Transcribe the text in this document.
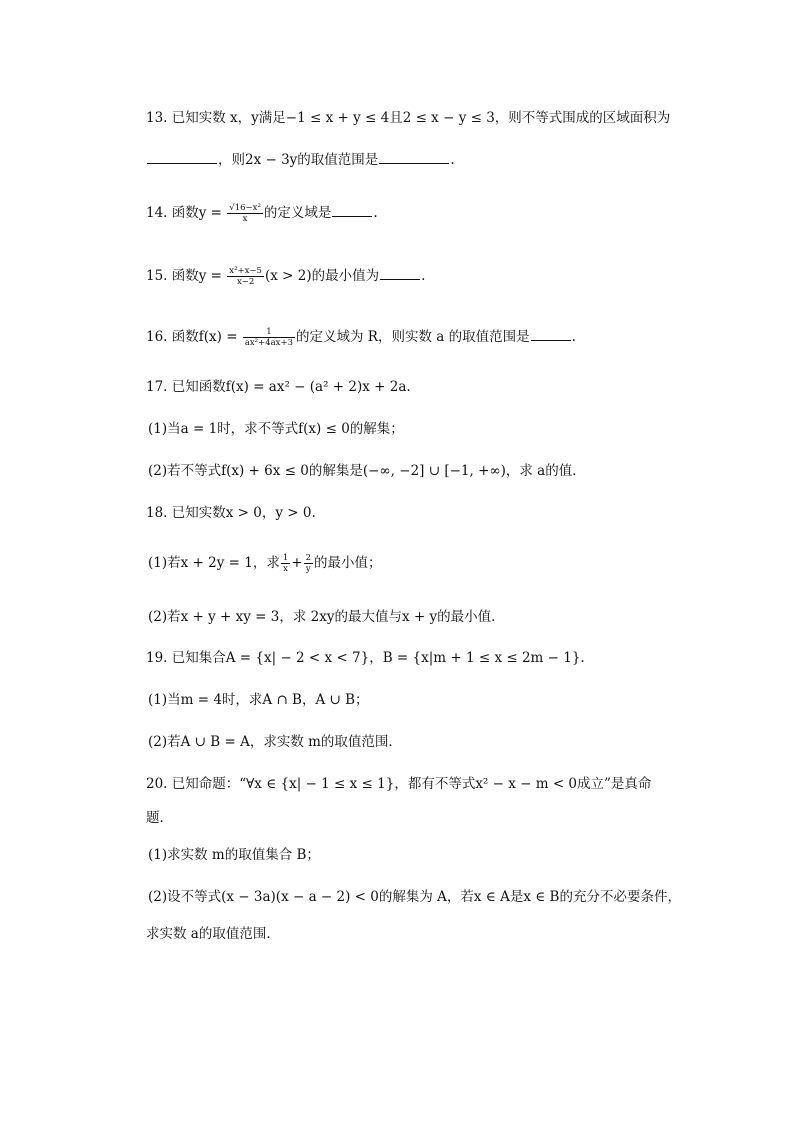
13. 已知实数 x，y满足−1 ≤ x + y ≤ 4且2 ≤ x − y ≤ 3，则不等式围成的区域面积为
，则2x − 3y的取值范围是	.
14. 函数$y = \frac{\text{√16−x²}}{x}$ 的定义域是	.
15. 函数$y = \frac{\text{x²+x−5}}{x-2} (x > 2)$的最小值为	.
16. 函数$f(x) = \frac{1}{\text{ax²+4ax+3}}$ 的定义域为 R，则实数 a 的取值范围是	.
17. 已知函数f(x) = ax² − (a² + 2)x + 2a.
(1)当a = 1时，求不等式f(x) ≤ 0的解集；
(2)若不等式f(x) + 6x ≤ 0的解集是(−∞, −2] ∪ [−1, +∞)，求 a的值．
18. 已知实数x > 0，y > 0.
(1)若x + 2y = 1，求 $\frac{1}{x} + \frac{2}{y}$ 的最小值；
(2)若x + y + xy = 3，求 2xy的最大值与x + y的最小值．
19. 已知集合A = {x| − 2 < x < 7}，B = {x|m + 1 ≤ x ≤ 2m − 1}.
(1)当m = 4时，求A ∩ B，A ∪ B；
(2)若A ∪ B = A，求实数 m的取值范围．
20. 已知命题：“∀x ∈ {x| − 1 ≤ x ≤ 1}，都有不等式x² − x − m < 0成立”是真命
题．
(1)求实数 m的取值集合 B；
(2)设不等式(x − 3a)(x − a − 2) < 0的解集为 A，若x ∈ A是x ∈ B的充分不必要条件，
求实数 a的取值范围．
